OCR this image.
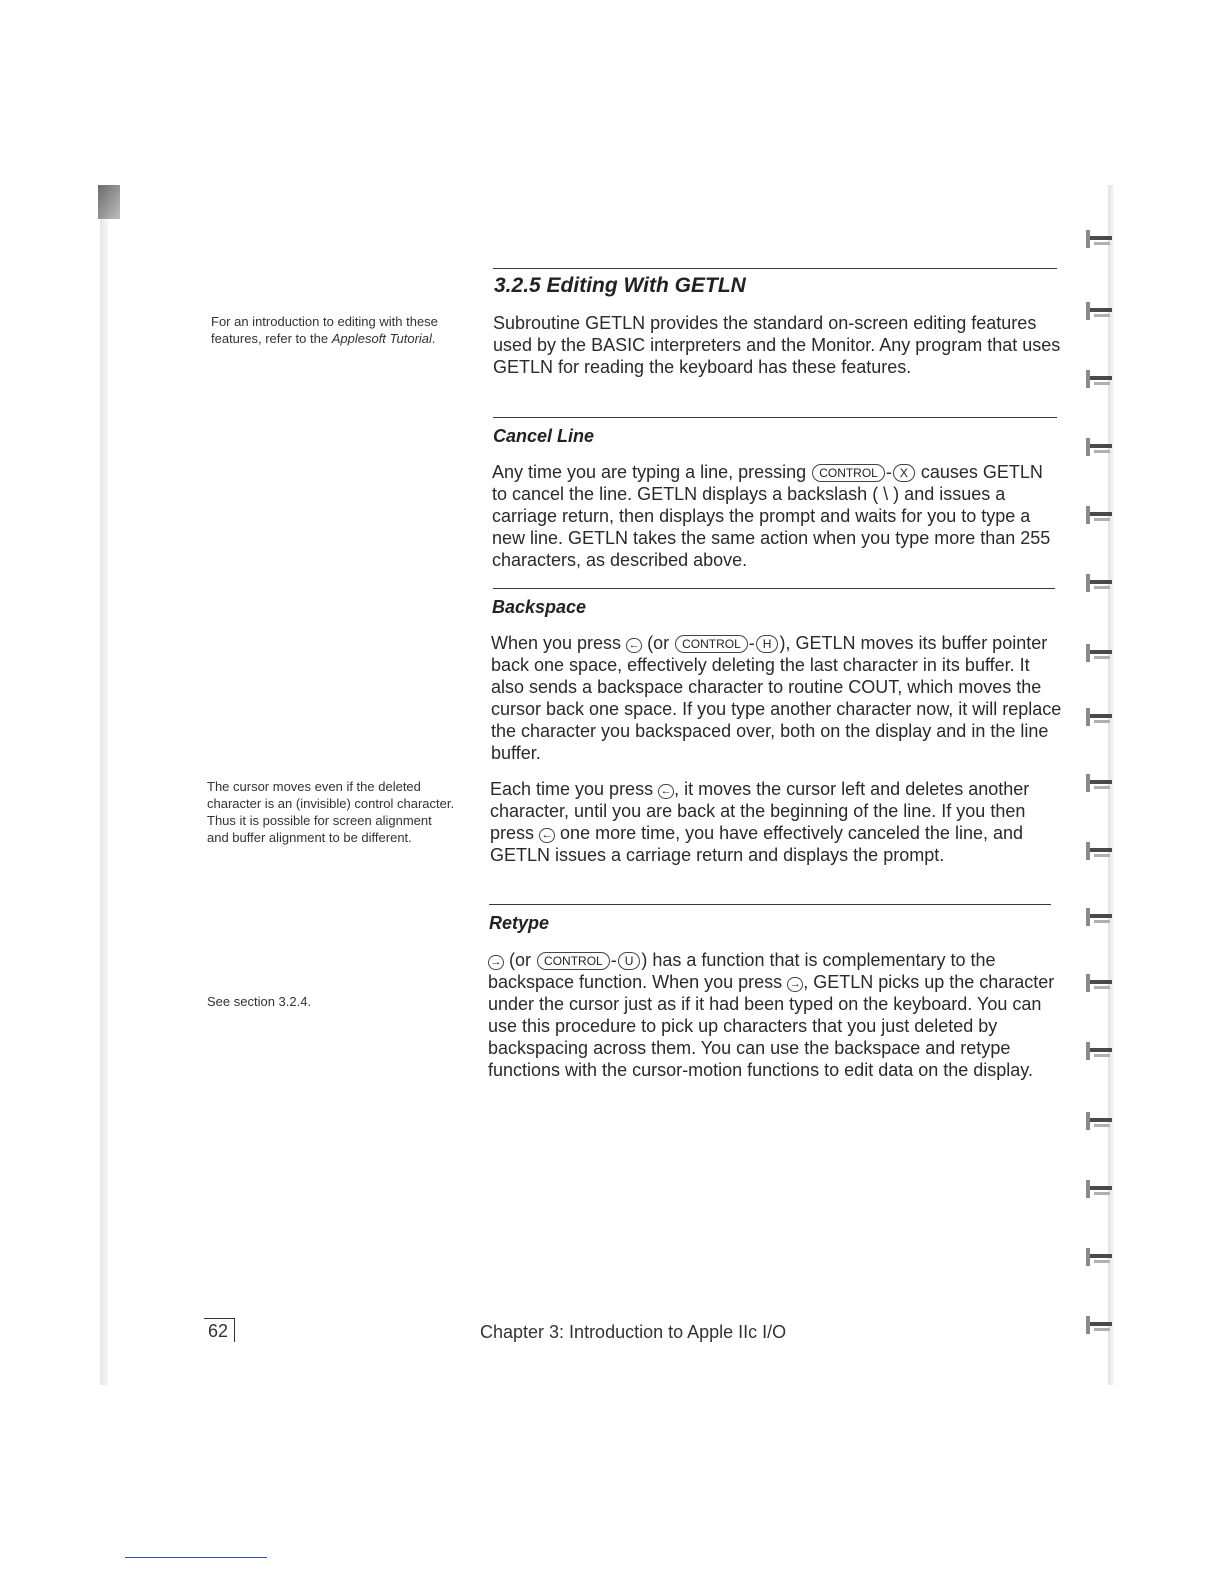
For an introduction to editing with these features, refer to the Applesoft Tutorial.
The cursor moves even if the deleted character is an (invisible) control character. Thus it is possible for screen alignment and buffer alignment to be different.
See section 3.2.4.
3.2.5 Editing With GETLN
Subroutine GETLN provides the standard on-screen editing features used by the BASIC interpreters and the Monitor. Any program that uses GETLN for reading the keyboard has these features.
Cancel Line
Any time you are typing a line, pressing CONTROL - X causes GETLN to cancel the line. GETLN displays a backslash ( \ ) and issues a carriage return, then displays the prompt and waits for you to type a new line. GETLN takes the same action when you type more than 255 characters, as described above.
Backspace
When you press ← (or CONTROL - H ), GETLN moves its buffer pointer back one space, effectively deleting the last character in its buffer. It also sends a backspace character to routine COUT, which moves the cursor back one space. If you type another character now, it will replace the character you backspaced over, both on the display and in the line buffer.
Each time you press ← , it moves the cursor left and deletes another character, until you are back at the beginning of the line. If you then press ← one more time, you have effectively canceled the line, and GETLN issues a carriage return and displays the prompt.
Retype
→ (or CONTROL - U ) has a function that is complementary to the backspace function. When you press → , GETLN picks up the character under the cursor just as if it had been typed on the keyboard. You can use this procedure to pick up characters that you just deleted by backspacing across them. You can use the backspace and retype functions with the cursor-motion functions to edit data on the display.
62	Chapter 3: Introduction to Apple IIc I/O
